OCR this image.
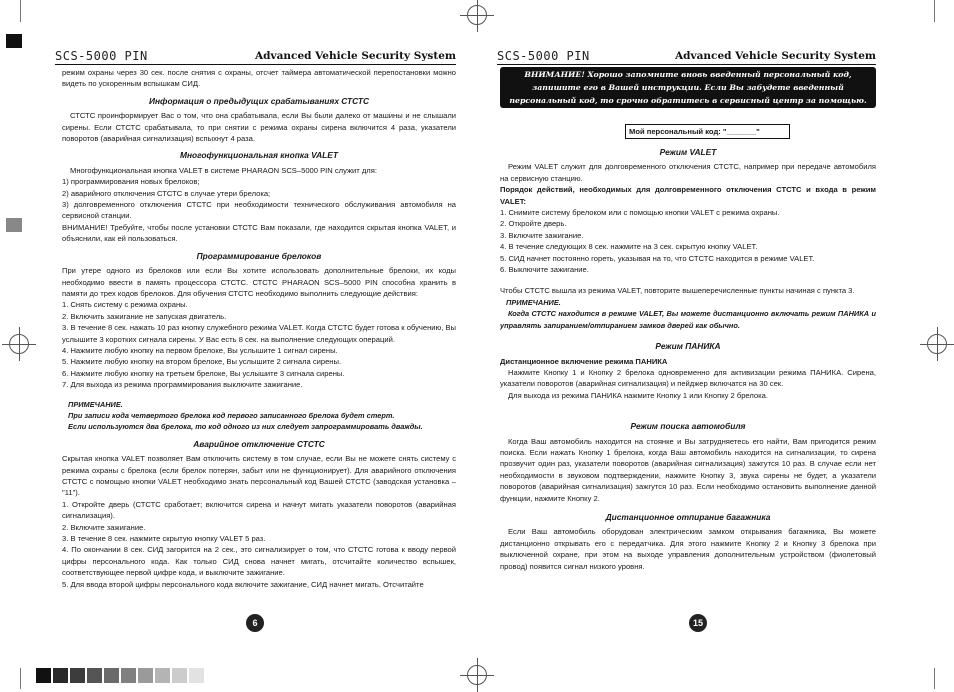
SCS-5000 PIN	Advanced Vehicle Security System

режим охраны через 30 сек. после снятия с охраны, отсчет таймера автоматической перепостановки можно видеть по ускоренным вспышкам СИД.

Информация о предыдущих срабатываниях СТСТС

СТСТС проинформирует Вас о том, что она срабатывала, если Вы были далеко от машины и не слышали сирены. Если СТСТС срабатывала, то при снятии с режима охраны сирена включится 4 раза, указатели поворотов (аварийная сигнализация) вспыхнут 4 раза.

Многофункциональная кнопка VALET

Многофункциональная кнопка VALET в системе PHARAON SCS–5000 PIN служит для:

1) программирования новых брелоков;

2) аварийного отключения СТСТС в случае утери брелока;

3) долговременного отключения СТСТС при необходимости технического обслуживания автомобиля на сервисной станции.

ВНИМАНИЕ! Требуйте, чтобы после установки СТСТС Вам показали, где находится скрытая кнопка VALET, и объяснили, как ей пользоваться.

Программирование брелоков

При утере одного из брелоков или если Вы хотите использовать дополнительные брелоки, их коды необходимо ввести в память процессора СТСТС. СТСТС PHARAON SCS–5000 PIN способна хранить в памяти до трех кодов брелоков. Для обучения СТСТС необходимо выполнить следующие действия:

1. Снять систему с режима охраны.

2. Включить зажигание не запуская двигатель.

3. В течение 8 сек. нажать 10 раз кнопку служебного режима VALET. Когда СТСТС будет готова к обучению, Вы услышите 3 коротких сигнала сирены. У Вас есть 8 сек. на выполнение следующих операций.

4. Нажмите любую кнопку на первом брелоке, Вы услышите 1 сигнал сирены.

5. Нажмите любую кнопку на втором брелоке, Вы услышите 2 сигнала сирены.

6. Нажмите любую кнопку на третьем брелоке, Вы услышите 3 сигнала сирены.

7. Для выхода из режима программирования выключите зажигание.

ПРИМЕЧАНИЕ.

При записи кода четвертого брелока код первого записанного брелока будет стерт.

Если используются два брелока, то код одного из них следует запрограммировать дважды.

Аварийное отключение СТСТС

Скрытая кнопка VALET позволяет Вам отключить систему в том случае, если Вы не можете снять систему с режима охраны с брелока (если брелок потерян, забыт или не функционирует). Для аварийного отключения СТСТС с помощью кнопки VALET необходимо знать персональный код Вашей СТСТС (заводская установка – "11").

1. Откройте дверь (СТСТС сработает; включится сирена и начнут мигать указатели поворотов (аварийная сигнализация).

2. Включите зажигание.

3. В течение 8 сек. нажмите скрытую кнопку VALET 5 раз.

4. По окончании 8 сек. СИД загорится на 2 сек., это сигнализирует о том, что СТСТС готова к вводу первой цифры персонального кода. Как только СИД снова начнет мигать, отсчитайте количество вспышек, соответствующее первой цифре кода, и выключите зажигание.

5. Для ввода второй цифры персонального кода включите зажигание, СИД начнет мигать. Отсчитайте

6
SCS-5000 PIN	Advanced Vehicle Security System
ВНИМАНИЕ! Хорошо запомните вновь введенный персональный код, запишите его в Вашей инструкции. Если Вы забудете введенный персональный код, то срочно обратитесь в сервисный центр за помощью.
Мой персональный код: "_______"
Режим VALET

Режим VALET служит для долговременного отключения СТСТС, например при передаче автомобиля на сервисную станцию.

Порядок действий, необходимых для долговременного отключения СТСТС и входа в режим VALET:

1. Снимите систему брелоком или с помощью кнопки VALET с режима охраны.

2. Откройте дверь.

3. Включите зажигание.

4. В течение следующих 8 сек. нажмите на 3 сек. скрытую кнопку VALET.

5. СИД начнет постоянно гореть, указывая на то, что СТСТС находится в режиме VALET.

6. Выключите зажигание.

Чтобы СТСТС вышла из режима VALET, повторите вышеперечисленные пункты начиная с пункта 3.

ПРИМЕЧАНИЕ.

Когда СТСТС находится в режиме VALET, Вы можете дистанционно включать режим ПАНИКА и управлять запиранием/отпиранием замков дверей как обычно.

Режим ПАНИКА

Дистанционное включение режима ПАНИКА

Нажмите Кнопку 1 и Кнопку 2 брелока одновременно для активизации режима ПАНИКА. Сирена, указатели поворотов (аварийная сигнализация) и пейджер включатся на 30 сек.

Для выхода из режима ПАНИКА нажмите Кнопку 1 или Кнопку 2 брелока.

Режим поиска автомобиля

Когда Ваш автомобиль находится на стоянке и Вы затрудняетесь его найти, Вам пригодится режим поиска. Если нажать Кнопку 1 брелока, когда Ваш автомобиль находится на сигнализации, то сирена прозвучит один раз, указатели поворотов (аварийная сигнализация) зажгутся 10 раз. В случае если нет необходимости в звуковом подтверждении, нажмите Кнопку 3, звука сирены не будет, а указатели поворотов (аварийная сигнализация) зажгутся 10 раз. Если необходимо остановить выполнение данной функции, нажмите Кнопку 2.

Дистанционное отпирание багажника

Если Ваш автомобиль оборудован электрическим замком открывания багажника, Вы можете дистанционно открывать его с передатчика. Для этого нажмите Кнопку 2 и Кнопку 3 брелока при выключенной охране, при этом на выходе управления дополнительным устройством (фиолетовый провод) появится сигнал низкого уровня.

15
